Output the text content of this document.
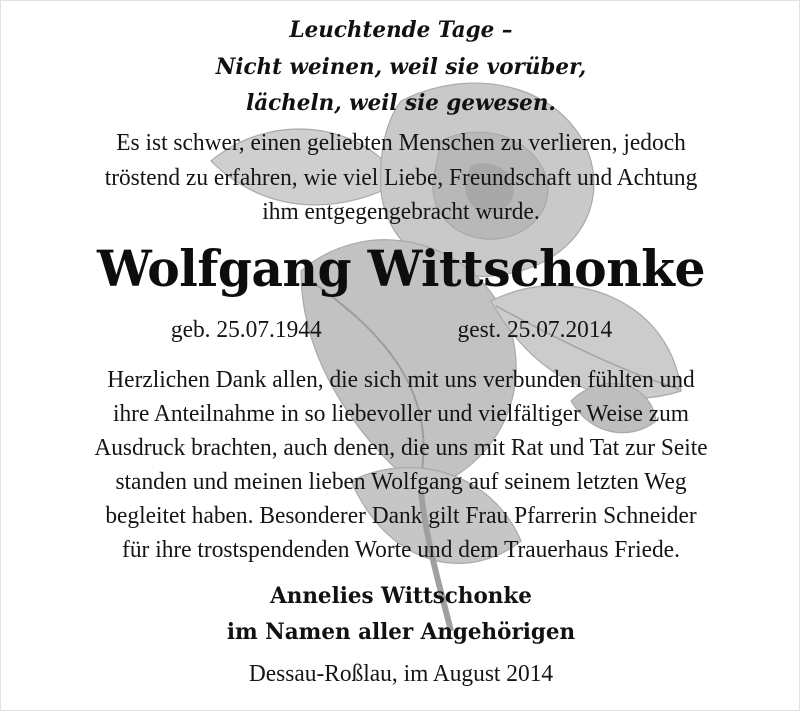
Leuchtende Tage –
Nicht weinen, weil sie vorüber,
lächeln, weil sie gewesen.
Es ist schwer, einen geliebten Menschen zu verlieren, jedoch
tröstend zu erfahren, wie viel Liebe, Freundschaft und Achtung
ihm entgegengebracht wurde.
Wolfgang Wittschonke
geb. 25.07.1944	gest. 25.07.2014
Herzlichen Dank allen, die sich mit uns verbunden fühlten und
ihre Anteilnahme in so liebevoller und vielfältiger Weise zum
Ausdruck brachten, auch denen, die uns mit Rat und Tat zur Seite
standen und meinen lieben Wolfgang auf seinem letzten Weg
begleitet haben. Besonderer Dank gilt Frau Pfarrerin Schneider
für ihre trostspendenden Worte und dem Trauerhaus Friede.
Annelies Wittschonke
im Namen aller Angehörigen
Dessau-Roßlau, im August 2014
